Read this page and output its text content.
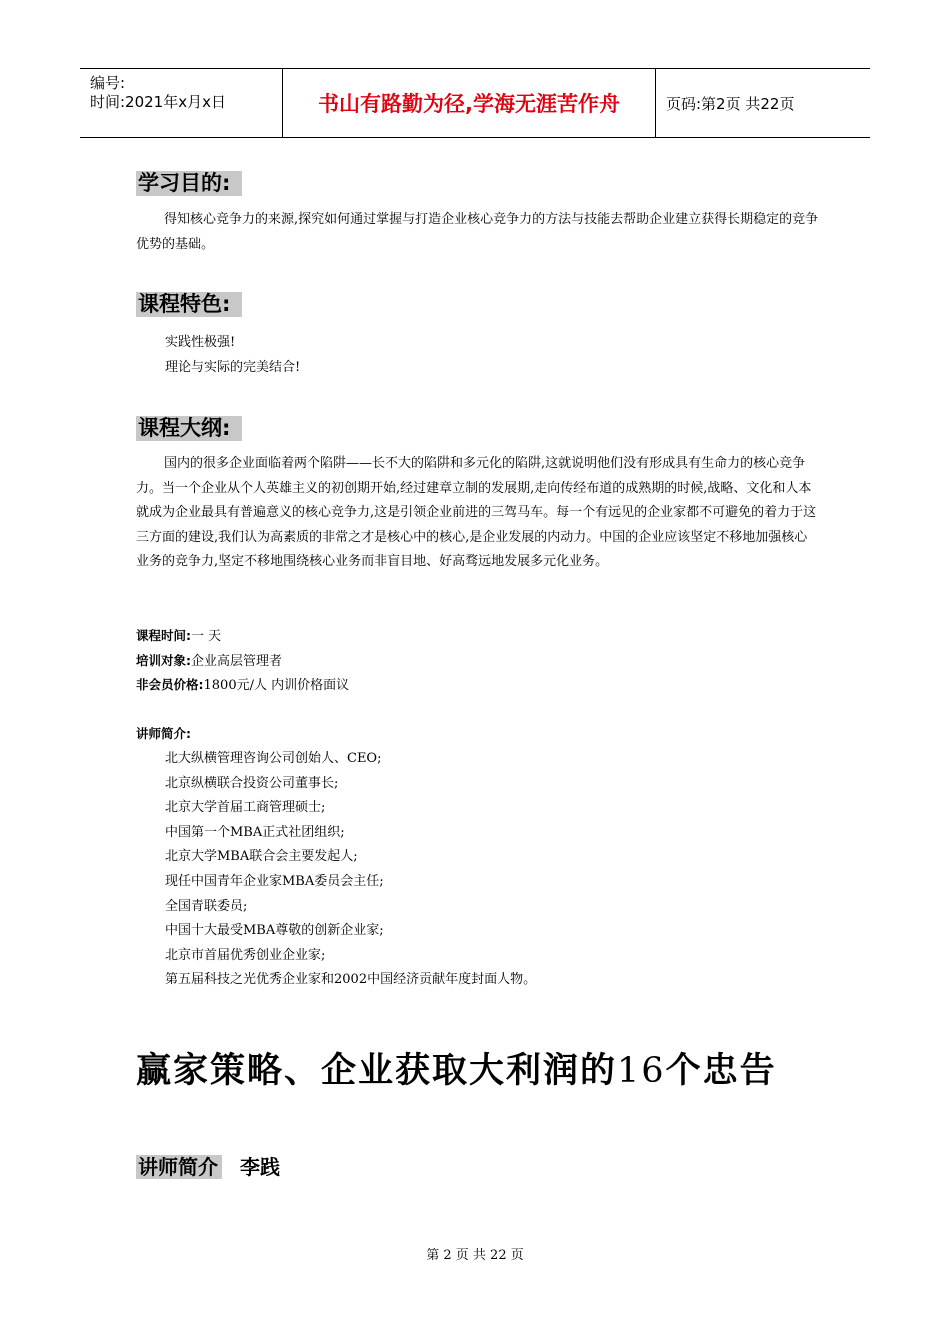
编号:
时间:2021年x月x日	书山有路勤为径,学海无涯苦作舟	页码:第2页 共22页
学习目的:
得知核心竞争力的来源,探究如何通过掌握与打造企业核心竞争力的方法与技能去帮助企业建立获得长期稳定的竞争优势的基础。
课程特色:
实践性极强!
理论与实际的完美结合!
课程大纲:
国内的很多企业面临着两个陷阱——长不大的陷阱和多元化的陷阱,这就说明他们没有形成具有生命力的核心竞争力。当一个企业从个人英雄主义的初创期开始,经过建章立制的发展期,走向传经布道的成熟期的时候,战略、文化和人本就成为企业最具有普遍意义的核心竞争力,这是引领企业前进的三驾马车。每一个有远见的企业家都不可避免的着力于这三方面的建设,我们认为高素质的非常之才是核心中的核心,是企业发展的内动力。中国的企业应该坚定不移地加强核心业务的竞争力,坚定不移地围绕核心业务而非盲目地、好高骛远地发展多元化业务。
课程时间:一 天
培训对象:企业高层管理者
非会员价格:1800元/人 内训价格面议
讲师简介:
北大纵横管理咨询公司创始人、CEO;
北京纵横联合投资公司董事长;
北京大学首届工商管理硕士;
中国第一个MBA正式社团组织;
北京大学MBA联合会主要发起人;
现任中国青年企业家MBA委员会主任;
全国青联委员;
中国十大最受MBA尊敬的创新企业家;
北京市首届优秀创业企业家;
第五届科技之光优秀企业家和2002中国经济贡献年度封面人物。
赢家策略、企业获取大利润的16个忠告
讲师简介 李践
第 2 页 共 22 页
